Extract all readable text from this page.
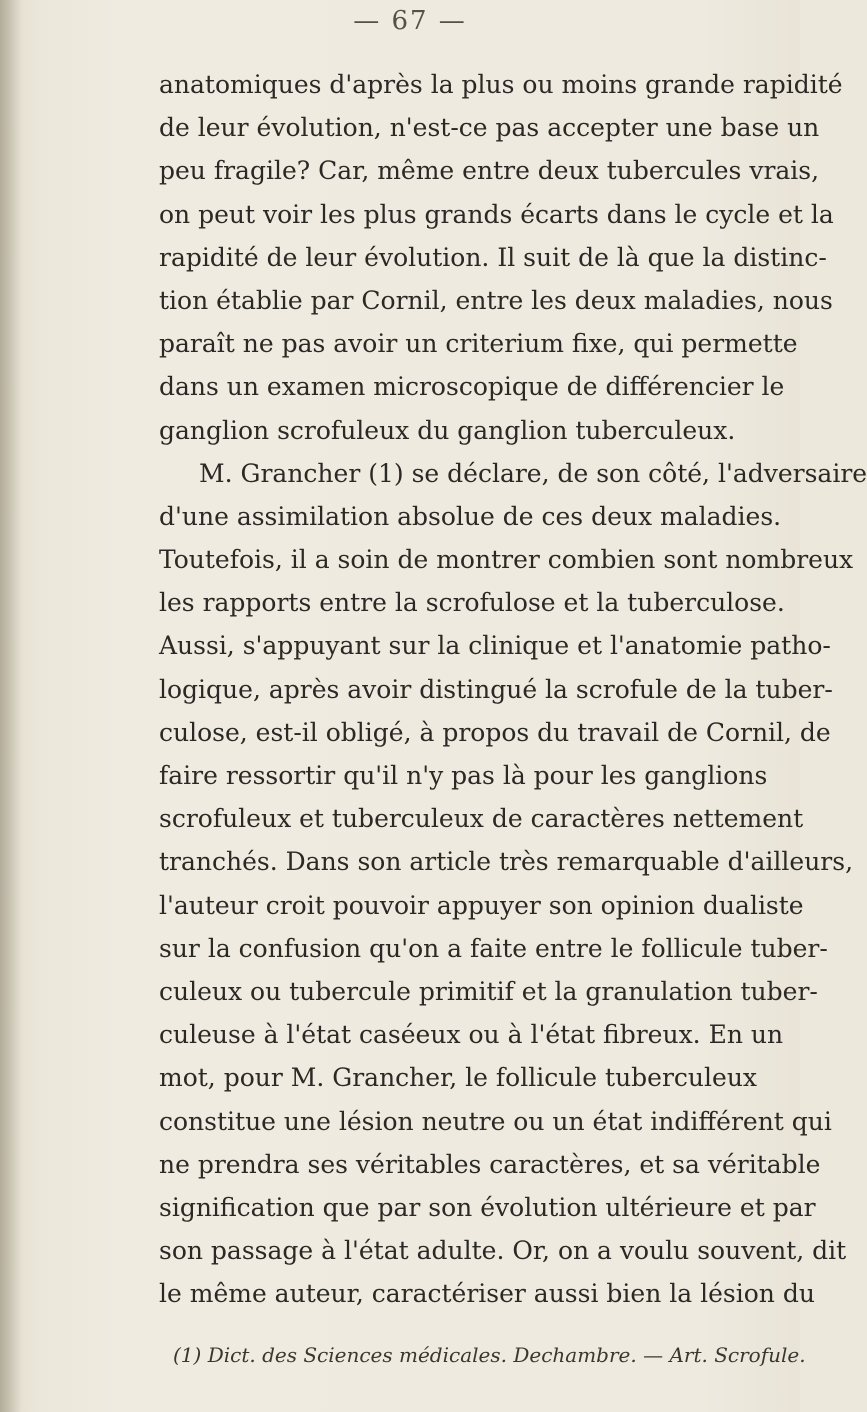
— 67 —
anatomiques d'après la plus ou moins grande rapidité
de leur évolution, n'est-ce pas accepter une base un
peu fragile? Car, même entre deux tubercules vrais,
on peut voir les plus grands écarts dans le cycle et la
rapidité de leur évolution. Il suit de là que la distinc-
tion établie par Cornil, entre les deux maladies, nous
paraît ne pas avoir un criterium fixe, qui permette
dans un examen microscopique de différencier le
ganglion scrofuleux du ganglion tuberculeux.
M. Grancher (1) se déclare, de son côté, l'adversaire
d'une assimilation absolue de ces deux maladies.
Toutefois, il a soin de montrer combien sont nombreux
les rapports entre la scrofulose et la tuberculose.
Aussi, s'appuyant sur la clinique et l'anatomie patho-
logique, après avoir distingué la scrofule de la tuber-
culose, est-il obligé, à propos du travail de Cornil, de
faire ressortir qu'il n'y pas là pour les ganglions
scrofuleux et tuberculeux de caractères nettement
tranchés. Dans son article très remarquable d'ailleurs,
l'auteur croit pouvoir appuyer son opinion dualiste
sur la confusion qu'on a faite entre le follicule tuber-
culeux ou tubercule primitif et la granulation tuber-
culeuse à l'état caséeux ou à l'état fibreux. En un
mot, pour M. Grancher, le follicule tuberculeux
constitue une lésion neutre ou un état indifférent qui
ne prendra ses véritables caractères, et sa véritable
signification que par son évolution ultérieure et par
son passage à l'état adulte. Or, on a voulu souvent, dit
le même auteur, caractériser aussi bien la lésion du
(1) Dict. des Sciences médicales. Dechambre. — Art. Scrofule.
